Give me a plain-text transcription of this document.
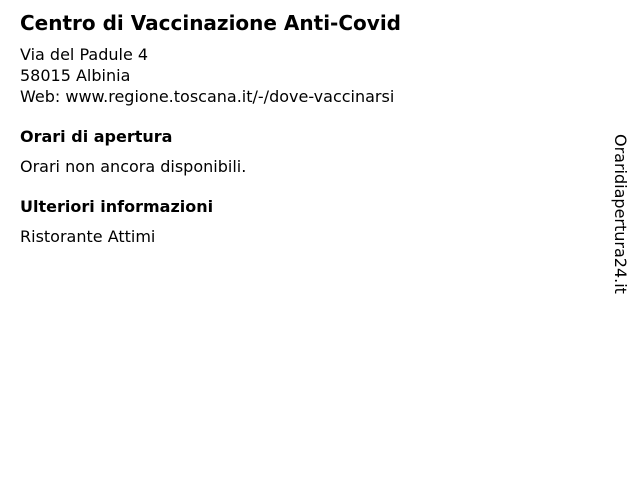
Centro di Vaccinazione Anti-Covid
Via del Padule 4
58015 Albinia
Web: www.regione.toscana.it/-/dove-vaccinarsi
Orari di apertura
Orari non ancora disponibili.
Ulteriori informazioni
Ristorante Attimi	Oraridiapertura24.it
